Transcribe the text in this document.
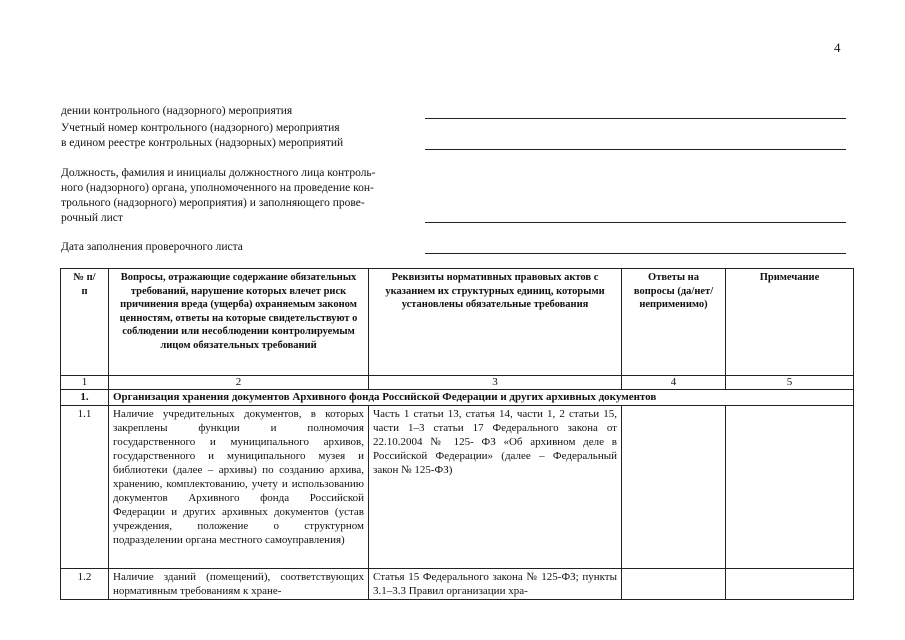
4
дении контрольного (надзорного) мероприятия
Учетный номер контрольного (надзорного) мероприятия
в едином реестре контрольных (надзорных) мероприятий
Должность, фамилия и инициалы должностного лица контроль-
ного (надзорного) органа, уполномоченного на проведение кон-
трольного (надзорного) мероприятия) и заполняющего прове-
рочный лист
Дата заполнения проверочного листа
№ п/п	Вопросы, отражающие содержание обязательных требований, нарушение которых влечет риск причинения вреда (ущерба) охраняемым законом ценностям, ответы на которые свидетельствуют о соблюдении или несоблюдении контролируемым лицом обязательных требований	Реквизиты нормативных правовых актов с указанием их структурных единиц, которыми установлены обязательные требования	Ответы на вопросы (да/нет/ неприменимо)	Примечание

1	2	3	4	5

1.	Организация хранения документов Архивного фонда Российской Федерации и других архивных документов			

1.1	Наличие учредительных документов, в которых закреплены функции и полномочия государственного и муниципального архивов, государственного и муниципального музея и библиотеки (далее – архивы) по созданию архива, хранению, комплектованию, учету и использованию документов Архивного фонда Российской Федерации и других архивных документов (устав учреждения, положение о структурном подразделении органа местного самоуправления)	Часть 1 статьи 13, статья 14, части 1, 2 статьи 15, части 1–3 статьи 17 Федерального закона от 22.10.2004 № 125- ФЗ «Об архивном деле в Российской Федерации» (далее – Федеральный закон № 125-ФЗ)		

1.2	Наличие зданий (помещений), соответствующих нормативным требованиям к хране-	Статья 15 Федерального закона № 125-ФЗ; пункты 3.1–3.3 Правил организации хра-		
